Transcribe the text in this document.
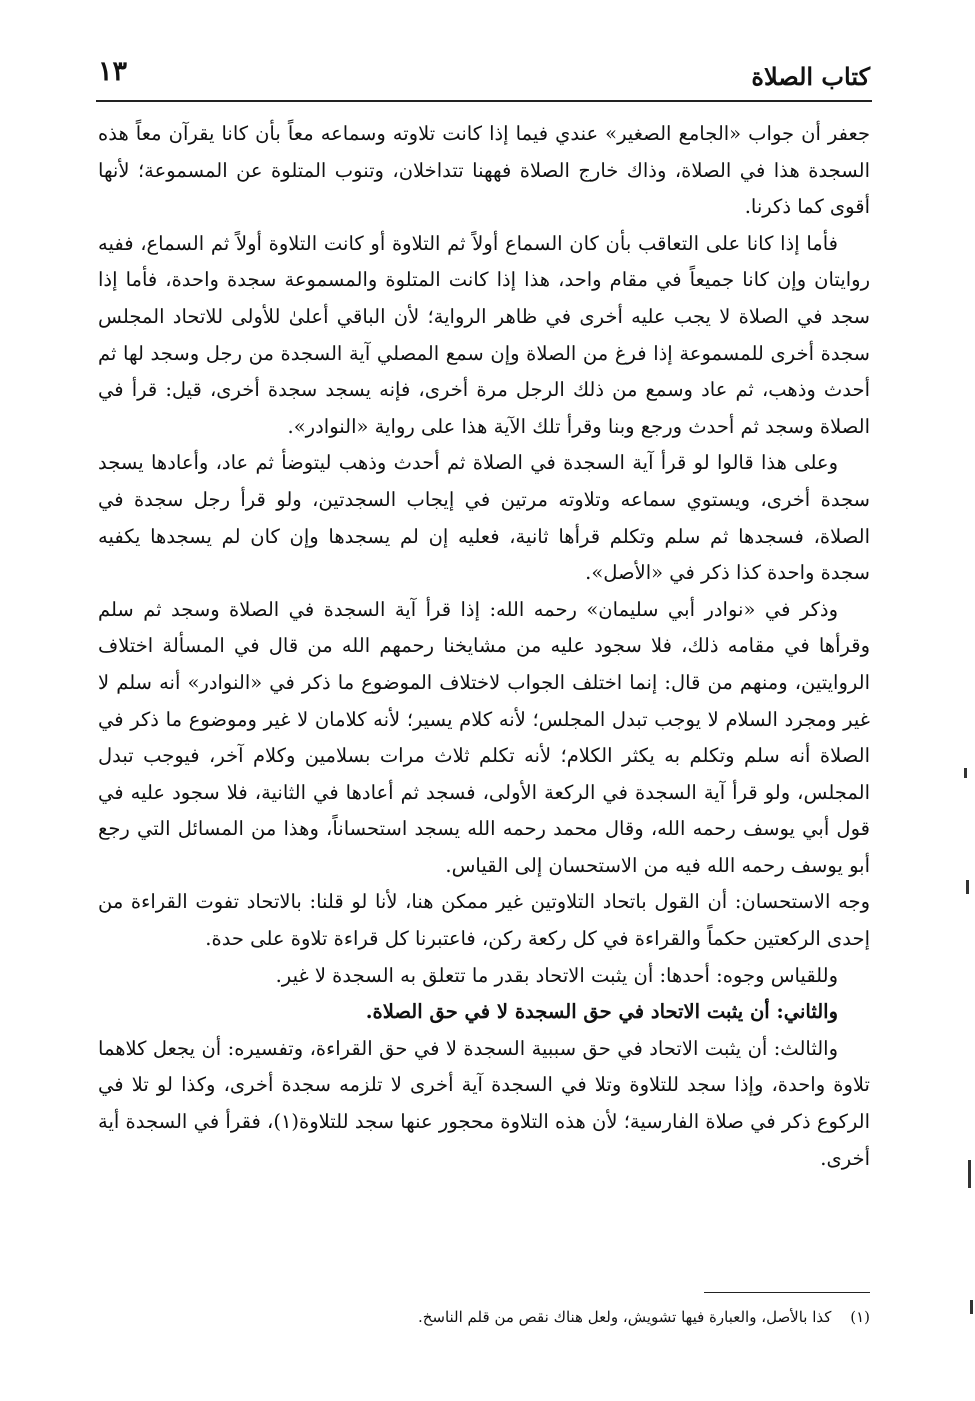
كتاب الصلاة
١٣

جعفر أن جواب «الجامع الصغير» عندي فيما إذا كانت تلاوته وسماعه معاً بأن كانا يقرآن معاً هذه السجدة هذا في الصلاة، وذاك خارج الصلاة فههنا تتداخلان، وتنوب المتلوة عن المسموعة؛ لأنها أقوى كما ذكرنا.

فأما إذا كانا على التعاقب بأن كان السماع أولاً ثم التلاوة أو كانت التلاوة أولاً ثم السماع، ففيه روايتان وإن كانا جميعاً في مقام واحد، هذا إذا كانت المتلوة والمسموعة سجدة واحدة، فأما إذا سجد في الصلاة لا يجب عليه أخرى في ظاهر الرواية؛ لأن الباقي أعلىٰ للأولى للاتحاد المجلس سجدة أخرى للمسموعة إذا فرغ من الصلاة وإن سمع المصلي آية السجدة من رجل وسجد لها ثم أحدث وذهب، ثم عاد وسمع من ذلك الرجل مرة أخرى، فإنه يسجد سجدة أخرى، قيل: قرأ في الصلاة وسجد ثم أحدث ورجع وبنا وقرأ تلك الآية هذا على رواية «النوادر».

وعلى هذا قالوا لو قرأ آية السجدة في الصلاة ثم أحدث وذهب ليتوضأ ثم عاد، وأعادها يسجد سجدة أخرى، ويستوي سماعه وتلاوته مرتين في إيجاب السجدتين، ولو قرأ رجل سجدة في الصلاة، فسجدها ثم سلم وتكلم قرأها ثانية، فعليه إن لم يسجدها وإن كان لم يسجدها يكفيه سجدة واحدة كذا ذكر في «الأصل».

وذكر في «نوادر أبي سليمان» رحمه الله: إذا قرأ آية السجدة في الصلاة وسجد ثم سلم وقرأها في مقامه ذلك، فلا سجود عليه من مشايخنا رحمهم الله من قال في المسألة اختلاف الروايتين، ومنهم من قال: إنما اختلف الجواب لاختلاف الموضوع ما ذكر في «النوادر» أنه سلم لا غير ومجرد السلام لا يوجب تبدل المجلس؛ لأنه كلام يسير؛ لأنه كلامان لا غير وموضوع ما ذكر في الصلاة أنه سلم وتكلم به يكثر الكلام؛ لأنه تكلم ثلاث مرات بسلامين وكلام آخر، فيوجب تبدل المجلس، ولو قرأ آية السجدة في الركعة الأولى، فسجد ثم أعادها في الثانية، فلا سجود عليه في قول أبي يوسف رحمه الله، وقال محمد رحمه الله يسجد استحساناً، وهذا من المسائل التي رجع أبو يوسف رحمه الله فيه من الاستحسان إلى القياس.

وجه الاستحسان: أن القول باتحاد التلاوتين غير ممكن هنا، لأنا لو قلنا: بالاتحاد تفوت القراءة من إحدى الركعتين حكماً والقراءة في كل ركعة ركن، فاعتبرنا كل قراءة تلاوة على حدة.

وللقياس وجوه: أحدها: أن يثبت الاتحاد بقدر ما تتعلق به السجدة لا غير.

والثاني: أن يثبت الاتحاد في حق السجدة لا في حق الصلاة.

والثالث: أن يثبت الاتحاد في حق سببية السجدة لا في حق القراءة، وتفسيره: أن يجعل كلاهما تلاوة واحدة، وإذا سجد للتلاوة وتلا في السجدة آية أخرى لا تلزمه سجدة أخرى، وكذا لو تلا في الركوع ذكر في صلاة الفارسية؛ لأن هذه التلاوة محجور عنها سجد للتلاوة(١)، فقرأ في السجدة أية أخرى.

(١) كذا بالأصل، والعبارة فيها تشويش، ولعل هناك نقص من قلم الناسخ.
